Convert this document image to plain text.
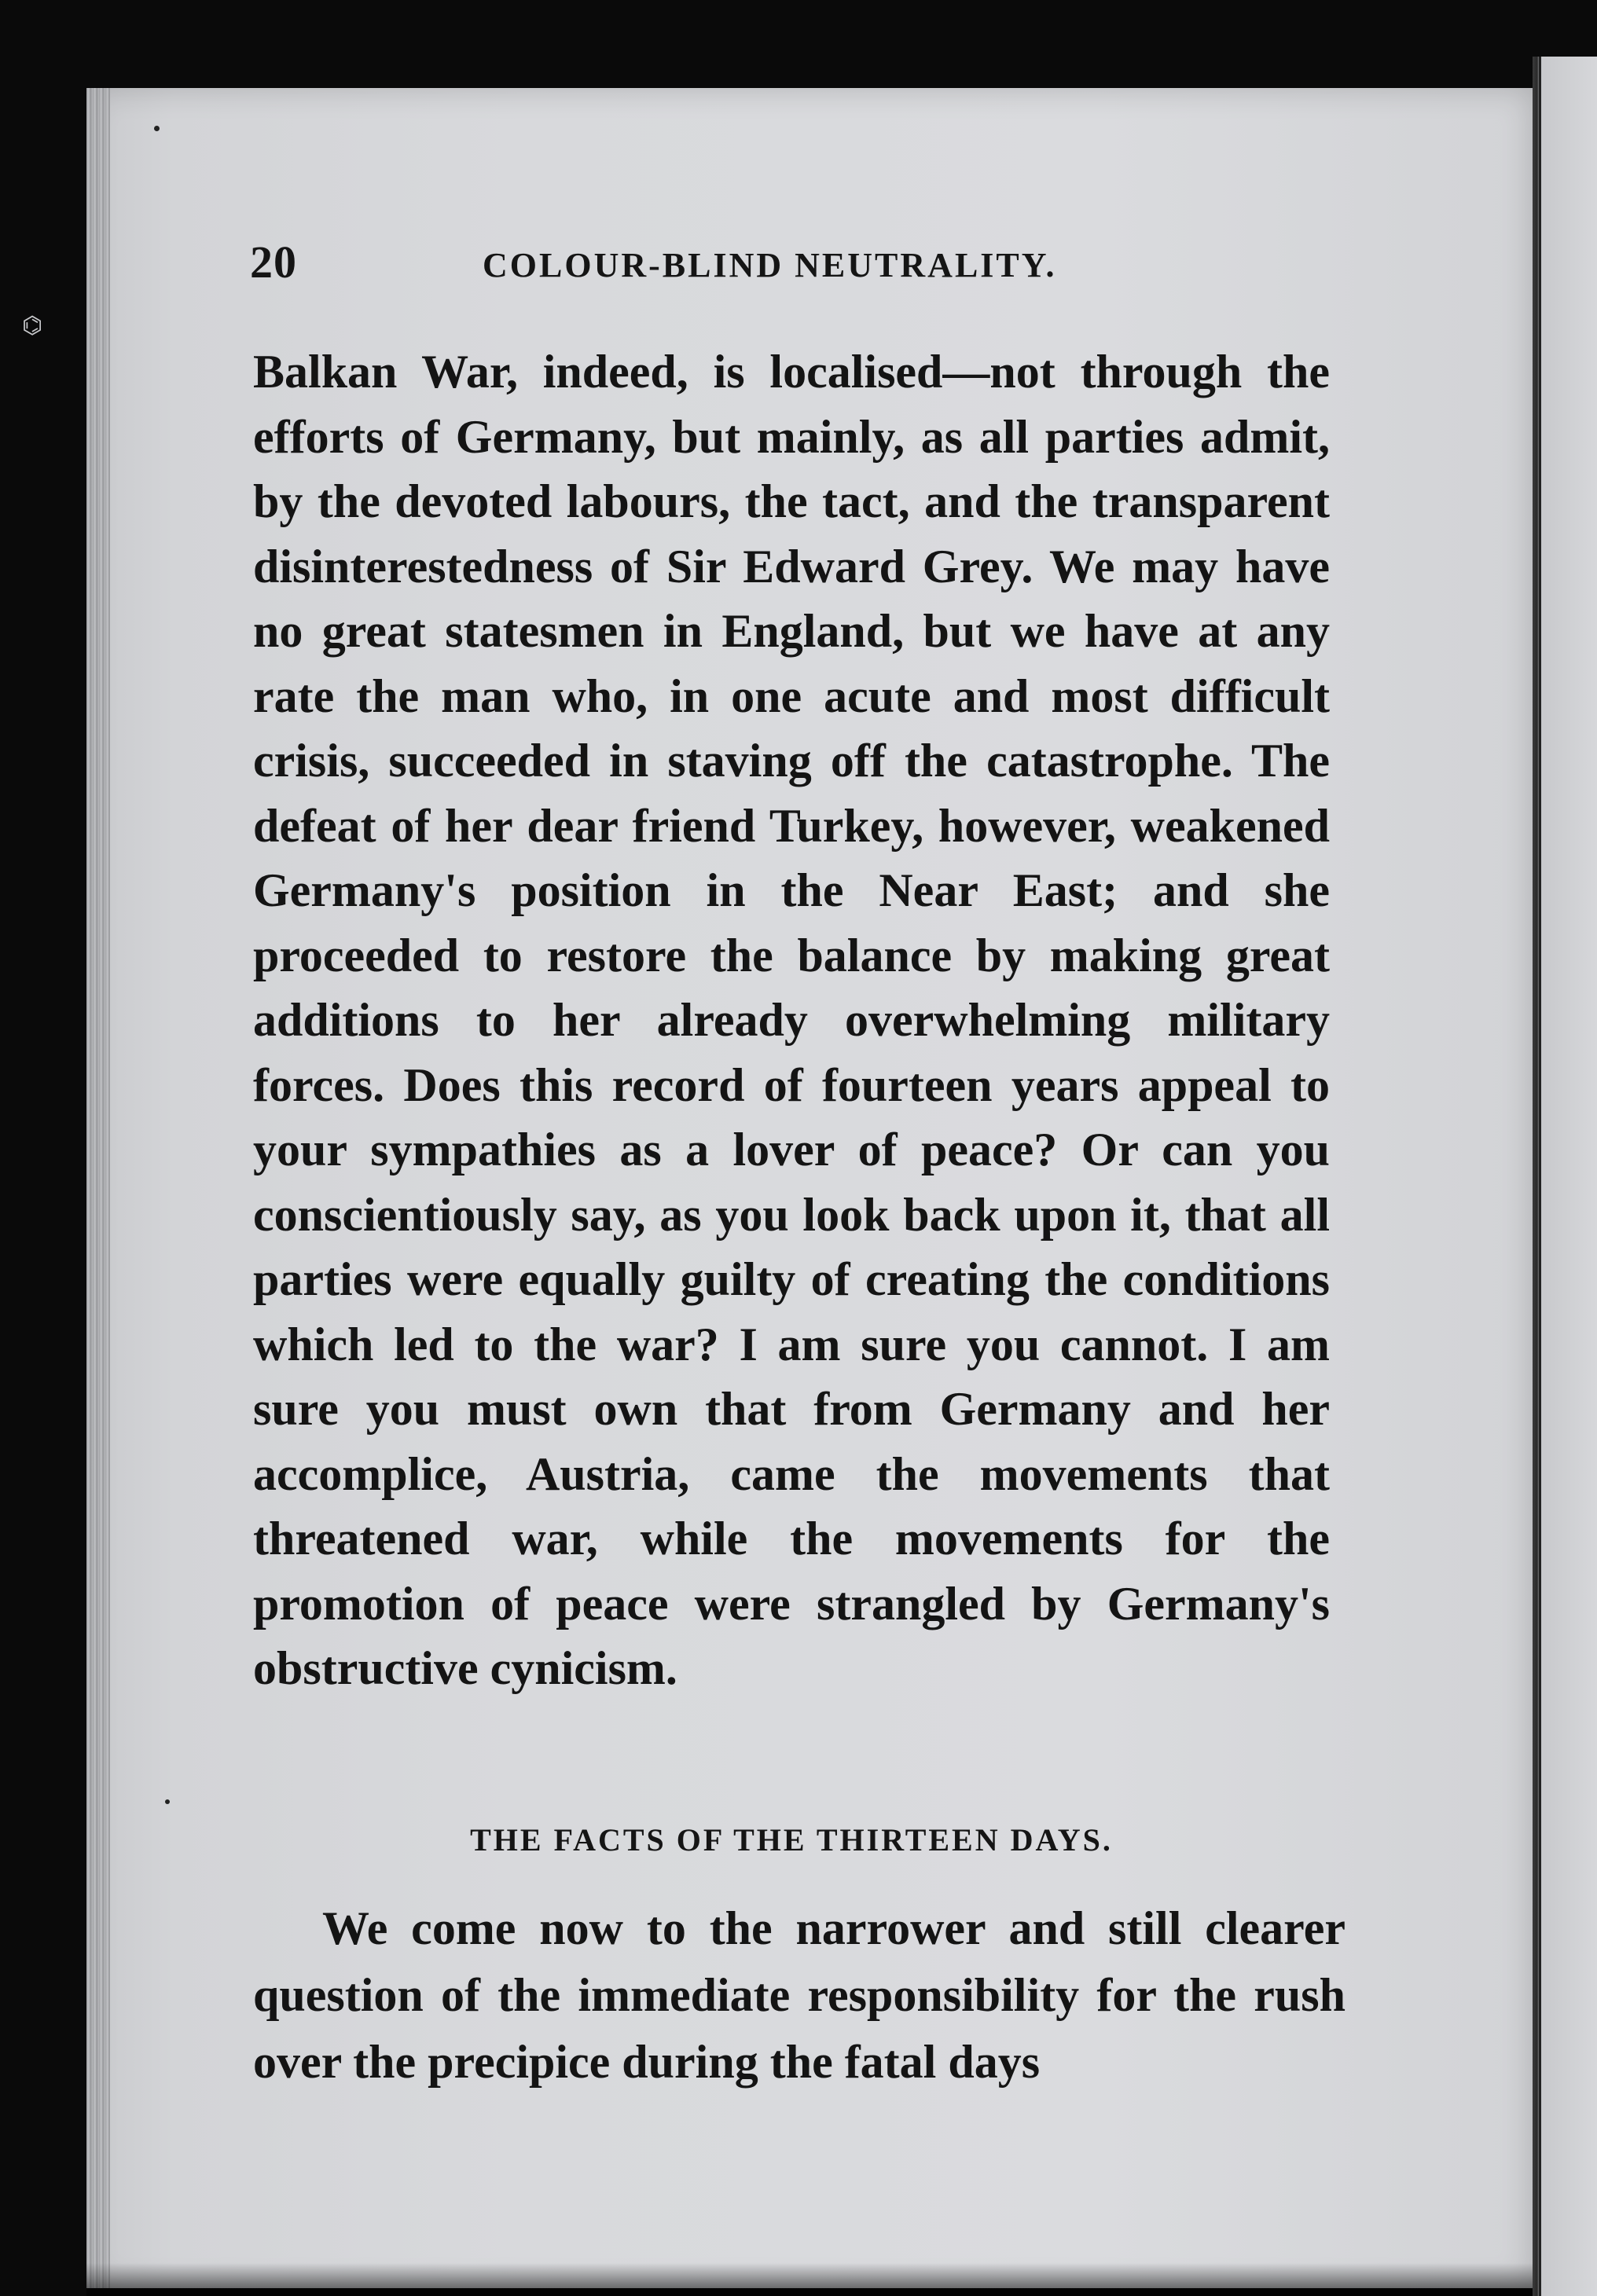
⌬
20	COLOUR-BLIND NEUTRALITY.
Balkan War, indeed, is localised—not through the efforts of Germany, but mainly, as all parties admit, by the devoted labours, the tact, and the transparent disinterestedness of Sir Edward Grey. We may have no great statesmen in England, but we have at any rate the man who, in one acute and most difficult crisis, succeeded in staving off the catastrophe. The defeat of her dear friend Turkey, however, weakened Germany's position in the Near East; and she proceeded to restore the balance by making great additions to her already overwhelming military forces. Does this record of fourteen years appeal to your sympathies as a lover of peace? Or can you conscientiously say, as you look back upon it, that all parties were equally guilty of creating the conditions which led to the war? I am sure you cannot. I am sure you must own that from Germany and her accomplice, Austria, came the movements that threatened war, while the movements for the promotion of peace were strangled by Germany's obstructive cynicism.
THE FACTS OF THE THIRTEEN DAYS.
We come now to the narrower and still clearer question of the immediate responsibility for the rush over the precipice during the fatal days
